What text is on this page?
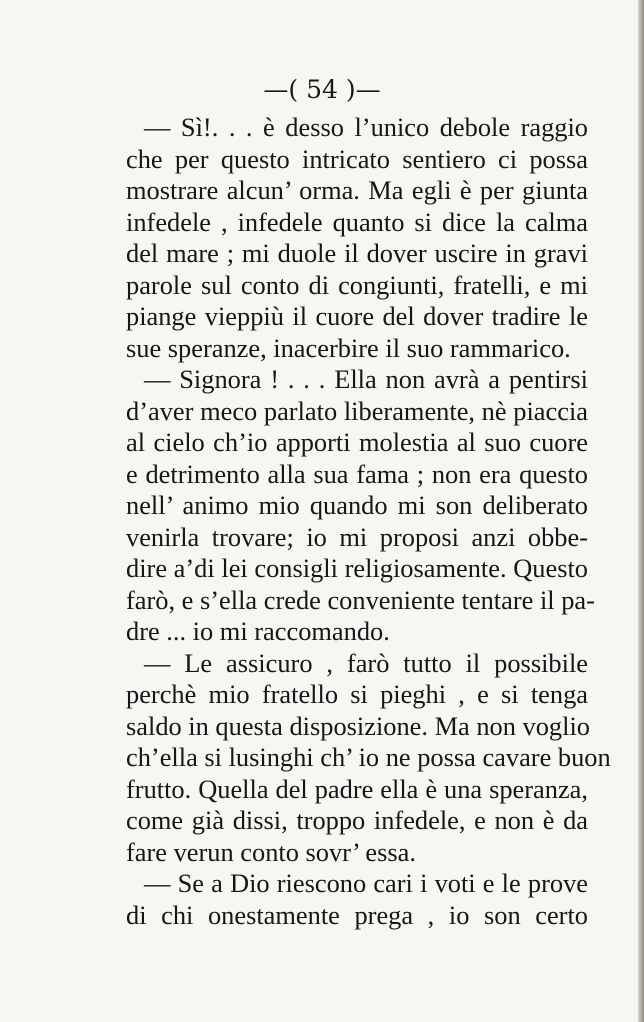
—( 54 )—
— Sì!. . . è desso l’unico debole raggio
che per questo intricato sentiero ci possa
mostrare alcun’ orma. Ma egli è per giunta
infedele , infedele quanto si dice la calma
del mare ; mi duole il dover uscire in gravi
parole sul conto di congiunti, fratelli, e mi
piange vieppiù il cuore del dover tradire le
sue speranze, inacerbire il suo rammarico.
— Signora ! . . . Ella non avrà a pentirsi
d’aver meco parlato liberamente, nè piaccia
al cielo ch’io apporti molestia al suo cuore
e detrimento alla sua fama ; non era questo
nell’ animo mio quando mi son deliberato
venirla trovare; io mi proposi anzi obbe-
dire a’di lei consigli religiosamente. Questo
farò, e s’ella crede conveniente tentare il pa-
dre ... io mi raccomando.
— Le assicuro , farò tutto il possibile
perchè mio fratello si pieghi , e si tenga
saldo in questa disposizione. Ma non voglio
ch’ella si lusinghi ch’ io ne possa cavare buon
frutto. Quella del padre ella è una speranza,
come già dissi, troppo infedele, e non è da
fare verun conto sovr’ essa.
— Se a Dio riescono cari i voti e le prove
di chi onestamente prega , io son certo
